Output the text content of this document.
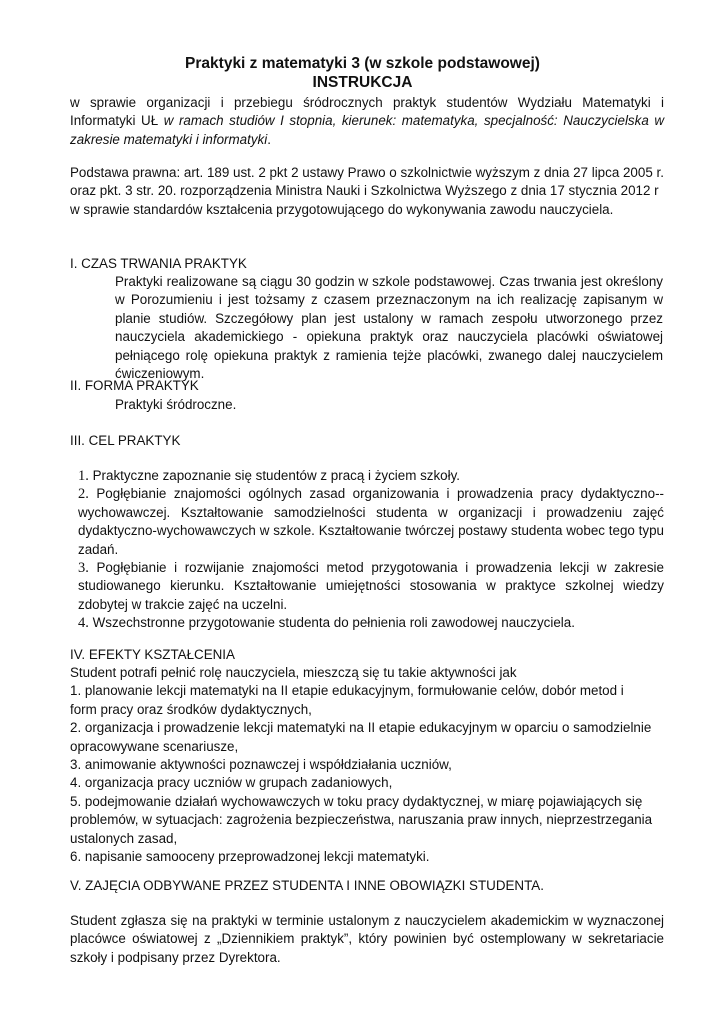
Praktyki z matematyki 3 (w szkole podstawowej)
INSTRUKCJA
w sprawie organizacji i przebiegu śródrocznych praktyk studentów Wydziału Matematyki i Informatyki UŁ w ramach studiów I stopnia, kierunek: matematyka, specjalność: Nauczycielska w zakresie matematyki i informatyki.
Podstawa prawna: art. 189 ust. 2 pkt 2 ustawy Prawo o szkolnictwie wyższym z dnia 27 lipca 2005 r.
oraz pkt. 3 str. 20. rozporządzenia Ministra Nauki i Szkolnictwa Wyższego z dnia 17 stycznia 2012 r
w sprawie standardów kształcenia przygotowującego do wykonywania zawodu nauczyciela.
I. CZAS TRWANIA PRAKTYK
Praktyki realizowane są ciągu 30 godzin w szkole podstawowej. Czas trwania jest określony w Porozumieniu i jest tożsamy z czasem przeznaczonym na ich realizację zapisanym w planie studiów. Szczegółowy plan jest ustalony w ramach zespołu utworzonego przez nauczyciela akademickiego - opiekuna praktyk oraz nauczyciela placówki oświatowej pełniącego rolę opiekuna praktyk z ramienia tejże placówki, zwanego dalej nauczycielem ćwiczeniowym.
II. FORMA PRAKTYK
Praktyki śródroczne.
III. CEL PRAKTYK
1. Praktyczne zapoznanie się studentów z pracą i życiem szkoły.
2. Pogłębianie znajomości ogólnych zasad organizowania i prowadzenia pracy dydaktyczno-- wychowawczej. Kształtowanie samodzielności studenta w organizacji i prowadzeniu zajęć dydaktyczno-wychowawczych w szkole. Kształtowanie twórczej postawy studenta wobec tego typu zadań.
3. Pogłębianie i rozwijanie znajomości metod przygotowania i prowadzenia lekcji w zakresie studiowanego kierunku. Kształtowanie umiejętności stosowania w praktyce szkolnej wiedzy zdobytej w trakcie zajęć na uczelni.
4. Wszechstronne przygotowanie studenta do pełnienia roli zawodowej nauczyciela.
IV. EFEKTY KSZTAŁCENIA
Student potrafi pełnić rolę nauczyciela, mieszczą się tu takie aktywności jak
1. planowanie lekcji matematyki na II etapie edukacyjnym, formułowanie celów, dobór metod i
form pracy oraz środków dydaktycznych,
2. organizacja i prowadzenie lekcji matematyki na II etapie edukacyjnym w oparciu o samodzielnie
opracowywane scenariusze,
3. animowanie aktywności poznawczej i współdziałania uczniów,
4. organizacja pracy uczniów w grupach zadaniowych,
5. podejmowanie działań wychowawczych w toku pracy dydaktycznej, w miarę pojawiających się
problemów, w sytuacjach: zagrożenia bezpieczeństwa, naruszania praw innych, nieprzestrzegania
ustalonych zasad,
6. napisanie samooceny przeprowadzonej lekcji matematyki.
V. ZAJĘCIA ODBYWANE PRZEZ STUDENTA I INNE OBOWIĄZKI STUDENTA.
Student zgłasza się na praktyki w terminie ustalonym z nauczycielem akademickim w wyznaczonej placówce oświatowej z „Dziennikiem praktyk”, który powinien być ostemplowany w sekretariacie szkoły i podpisany przez Dyrektora.
